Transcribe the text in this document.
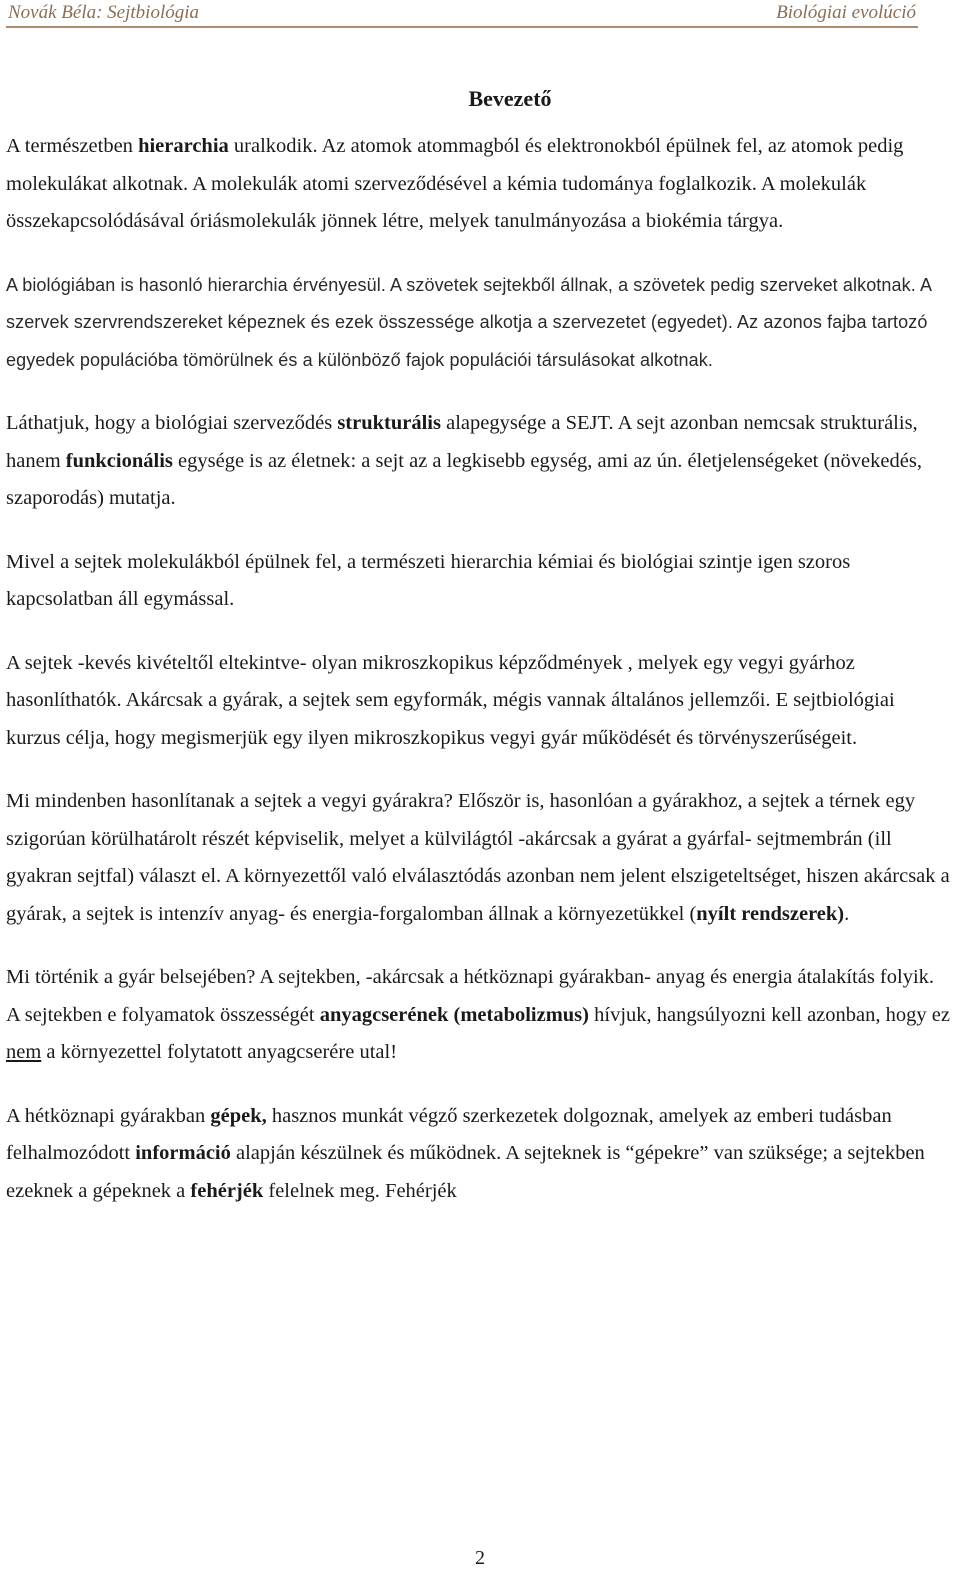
Novák Béla: Sejtbiológia	Biológiai evolúció
Bevezető

A természetben hierarchia uralkodik. Az atomok atommagból és elektronokból épülnek fel, az atomok pedig molekulákat alkotnak. A molekulák atomi szerveződésével a kémia tudománya foglalkozik. A molekulák összekapcsolódásával óriásmolekulák jönnek létre, melyek tanulmányozása a biokémia tárgya.

A biológiában is hasonló hierarchia érvényesül. A szövetek sejtekből állnak, a szövetek pedig szerveket alkotnak. A szervek szervrendszereket képeznek és ezek összessége alkotja a szervezetet (egyedet). Az azonos fajba tartozó egyedek populációba tömörülnek és a különböző fajok populációi társulásokat alkotnak.

Láthatjuk, hogy a biológiai szerveződés strukturális alapegysége a SEJT. A sejt azonban nemcsak strukturális, hanem funkcionális egysége is az életnek: a sejt az a legkisebb egység, ami az ún. életjelenségeket (növekedés, szaporodás) mutatja.

Mivel a sejtek molekulákból épülnek fel, a természeti hierarchia kémiai és biológiai szintje igen szoros kapcsolatban áll egymással.

A sejtek -kevés kivételtől eltekintve- olyan mikroszkopikus képződmények , melyek egy vegyi gyárhoz hasonlíthatók. Akárcsak a gyárak, a sejtek sem egyformák, mégis vannak általános jellemzői. E sejtbiológiai kurzus célja, hogy megismerjük egy ilyen mikroszkopikus vegyi gyár működését és törvényszerűségeit.

Mi mindenben hasonlítanak a sejtek a vegyi gyárakra? Először is, hasonlóan a gyárakhoz, a sejtek a térnek egy szigorúan körülhatárolt részét képviselik, melyet a külvilágtól -akárcsak a gyárat a gyárfal- sejtmembrán (ill gyakran sejtfal) választ el. A környezettől való elválasztódás azonban nem jelent elszigeteltséget, hiszen akárcsak a gyárak, a sejtek is intenzív anyag- és energia-forgalomban állnak a környezetükkel (nyílt rendszerek).

Mi történik a gyár belsejében? A sejtekben, -akárcsak a hétköznapi gyárakban- anyag és energia átalakítás folyik. A sejtekben e folyamatok összességét anyagcserének (metabolizmus) hívjuk, hangsúlyozni kell azonban, hogy ez nem a környezettel folytatott anyagcserére utal!

A hétköznapi gyárakban gépek, hasznos munkát végző szerkezetek dolgoznak, amelyek az emberi tudásban felhalmozódott információ alapján készülnek és működnek. A sejteknek is “gépekre” van szüksége; a sejtekben ezeknek a gépeknek a fehérjék felelnek meg. Fehérjék

2
